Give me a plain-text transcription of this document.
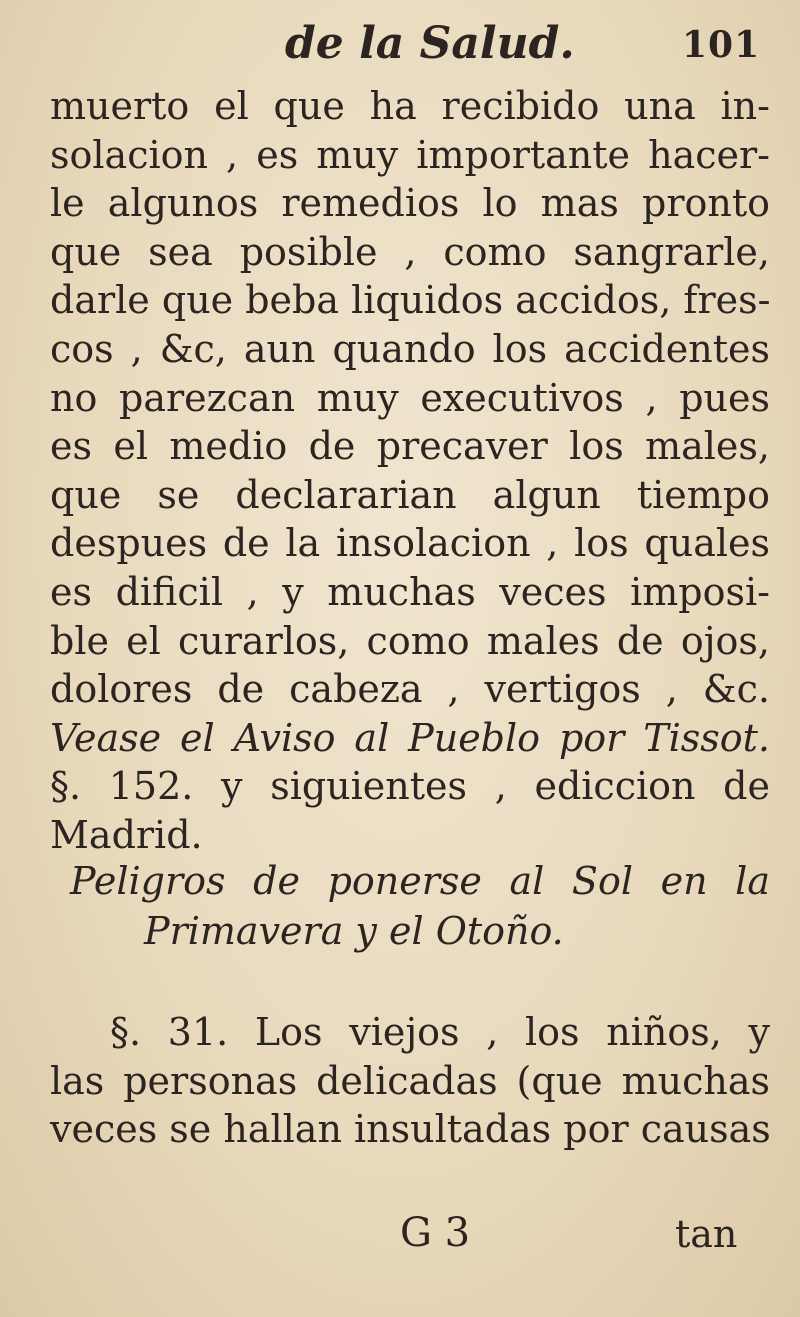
de la Salud.	101
muerto el que ha recibido una in-
solacion , es muy importante hacer-
le algunos remedios lo mas pronto
que sea posible , como sangrarle,
darle que beba liquidos accidos, fres-
cos , &c, aun quando los accidentes
no parezcan muy executivos , pues
es el medio de precaver los males,
que se declararian algun tiempo
despues de la insolacion , los quales
es dificil , y muchas veces imposi-
ble el curarlos, como males de ojos,
dolores de cabeza , vertigos , &c.
Vease el Aviso al Pueblo por Tissot.
§. 152. y siguientes , ediccion de
Madrid.
Peligros de ponerse al Sol en la
Primavera y el Otoño.
§. 31. Los viejos , los niños, y
las personas delicadas (que muchas
veces se hallan insultadas por causas
G 3	tan
